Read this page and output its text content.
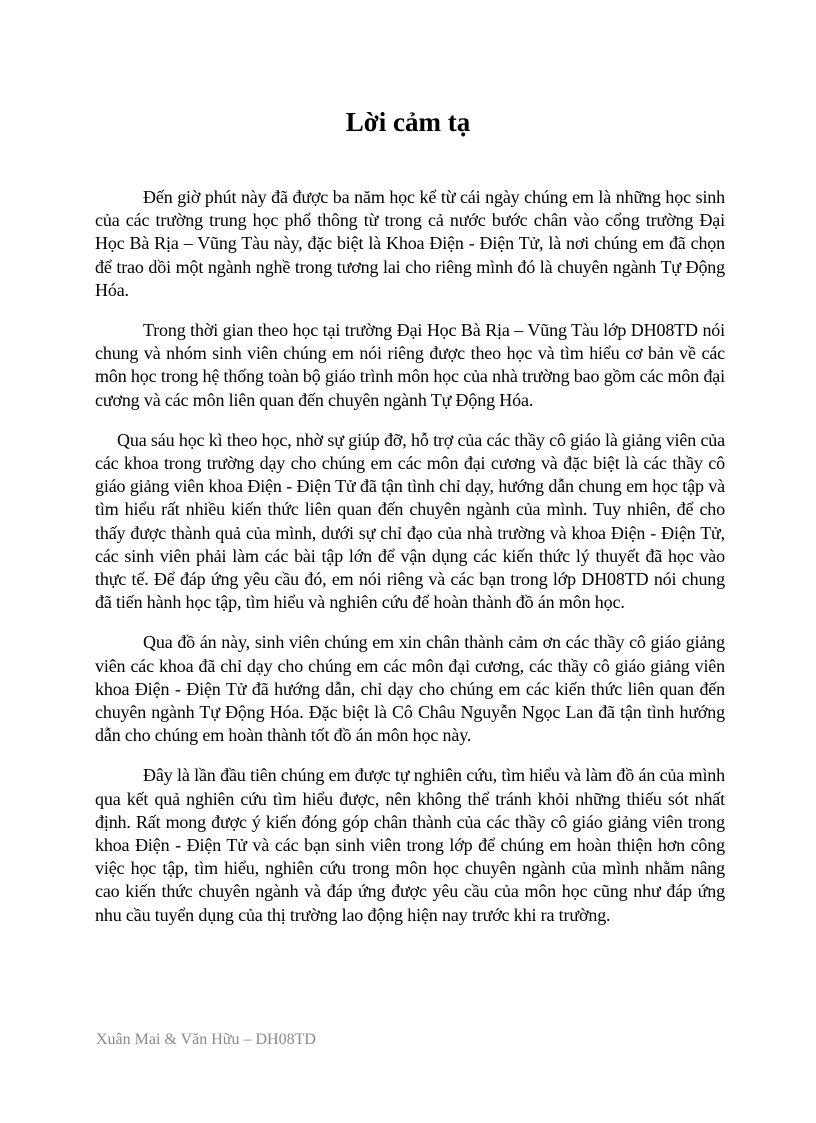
Lời cảm tạ

Đến giờ phút này đã được ba năm học kể từ cái ngày chúng em là những học sinh của các trường trung học phổ thông từ trong cả nước bước chân vào cổng trường Đại Học Bà Rịa – Vũng Tàu này, đặc biệt là Khoa Điện - Điện Tử, là nơi chúng em đã chọn để trao dồi một ngành nghề trong tương lai cho riêng mình đó là chuyên ngành Tự Động Hóa.

Trong thời gian theo học tại trường Đại Học Bà Rịa – Vũng Tàu lớp DH08TD nói chung và nhóm sinh viên chúng em nói riêng được theo học và tìm hiểu cơ bản về các môn học trong hệ thống toàn bộ giáo trình môn học của nhà trường bao gồm các môn đại cương và các môn liên quan đến chuyên ngành Tự Động Hóa.

Qua sáu học kì theo học, nhờ sự giúp đỡ, hỗ trợ của các thầy cô giáo là giảng viên của các khoa trong trường dạy cho chúng em các môn đại cương và đặc biệt là các thầy cô giáo giảng viên khoa Điện - Điện Tử đã tận tình chỉ dạy, hướng dẫn chung em học tập và tìm hiểu rất nhiều kiến thức liên quan đến chuyên ngành của mình. Tuy nhiên, để cho thấy được thành quả của mình, dưới sự chỉ đạo của nhà trường và khoa Điện - Điện Tử, các sinh viên phải làm các bài tập lớn để vận dụng các kiến thức lý thuyết đã học vào thực tế. Để đáp ứng yêu cầu đó, em nói riêng và các bạn trong lớp DH08TD nói chung đã tiến hành học tập, tìm hiểu và nghiên cứu để hoàn thành đồ án môn học.

Qua đồ án này, sinh viên chúng em xin chân thành cảm ơn các thầy cô giáo giảng viên các khoa đã chỉ dạy cho chúng em các môn đại cương, các thầy cô giáo giảng viên khoa Điện - Điện Tử đã hướng dẫn, chỉ dạy cho chúng em các kiến thức liên quan đến chuyên ngành Tự Động Hóa. Đặc biệt là Cô Châu Nguyễn Ngọc Lan đã tận tình hướng dẫn cho chúng em hoàn thành tốt đồ án môn học này.

Đây là lần đầu tiên chúng em được tự nghiên cứu, tìm hiểu và làm đồ án của mình qua kết quả nghiên cứu tìm hiểu được, nên không thể tránh khỏi những thiếu sót nhất định. Rất mong được ý kiến đóng góp chân thành của các thầy cô giáo giảng viên trong khoa Điện - Điện Tử và các bạn sinh viên trong lớp để chúng em hoàn thiện hơn công việc học tập, tìm hiểu, nghiên cứu trong môn học chuyên ngành của mình nhằm nâng cao kiến thức chuyên ngành và đáp ứng được yêu cầu của môn học cũng như đáp ứng nhu cầu tuyển dụng của thị trường lao động hiện nay trước khi ra trường.

Xuân Mai & Văn Hữu – DH08TD
